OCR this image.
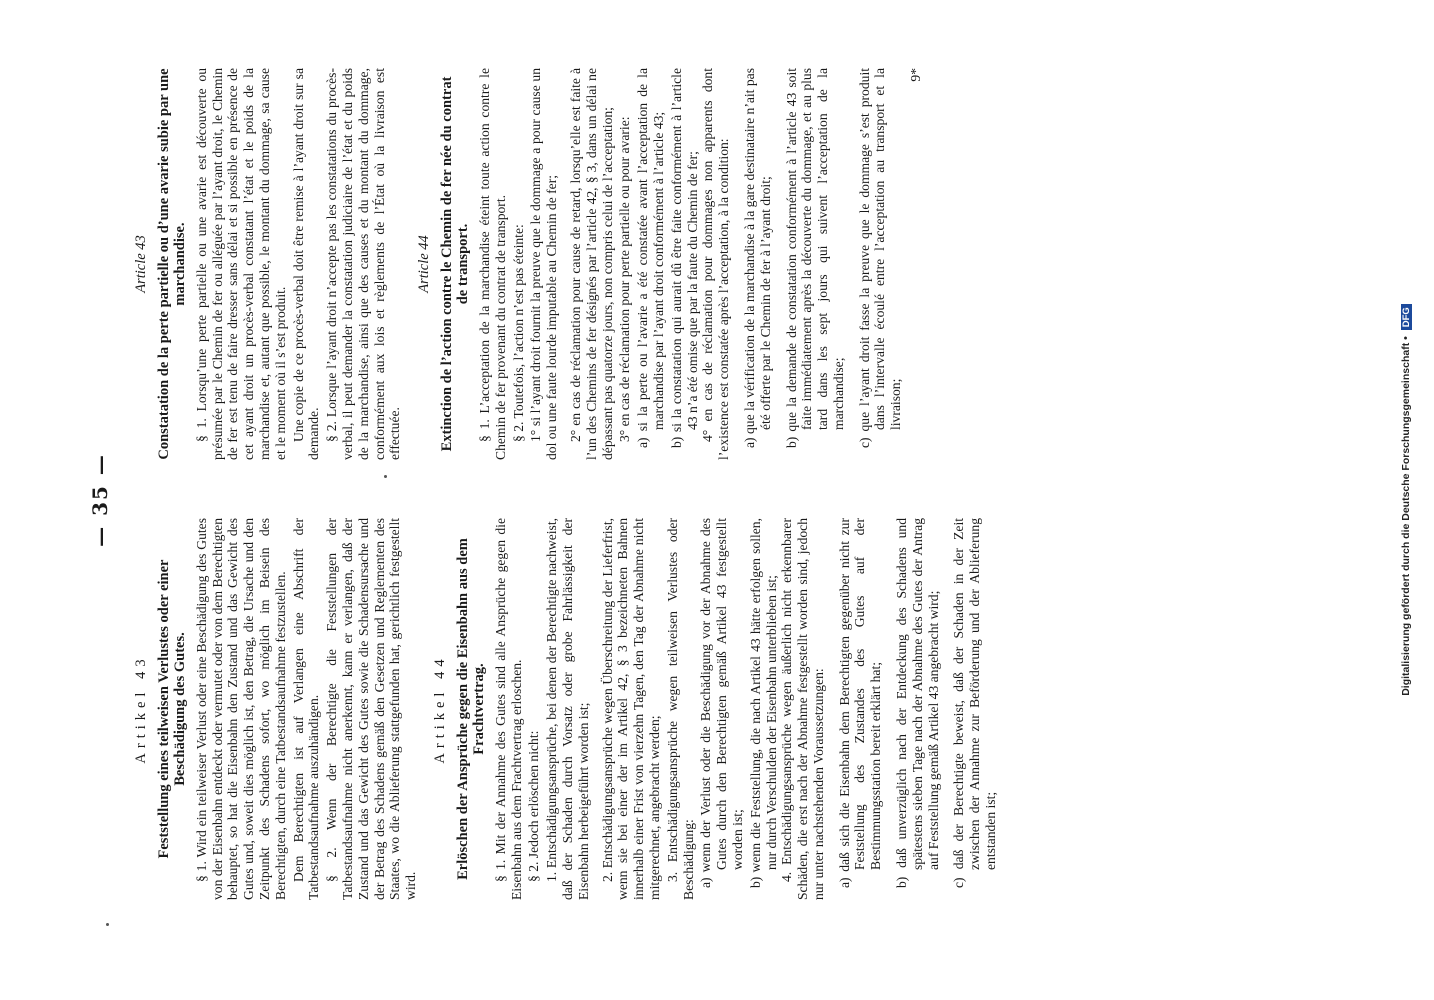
— 35 —
Artikel 43 Feststellung eines teilweisen Verlustes oder einer Beschädigung des Gutes. § 1. Wird ein teilweiser Verlust oder eine Beschädigung des Gutes von der Eisenbahn entdeckt oder vermutet oder von dem Berechtigten behauptet, so hat die Eisenbahn den Zustand und das Gewicht des Gutes und, soweit dies möglich ist, den Betrag, die Ursache und den Zeitpunkt des Schadens sofort, wo möglich im Beisein des Berechtigten, durch eine Tatbestandsaufnahme festzustellen. Dem Berechtigten ist auf Verlangen eine Abschrift der Tatbestandsaufnahme auszuhändigen. § 2. Wenn der Berechtigte die Feststellungen der Tatbestandsaufnahme nicht anerkennt, kann er verlangen, daß der Zustand und das Gewicht des Gutes sowie die Schadensursache und der Betrag des Schadens gemäß den Gesetzen und Reglementen des Staates, wo die Ablieferung stattgefunden hat, gerichtlich festgestellt wird.

Artikel 44 Erlöschen der Ansprüche gegen die Eisenbahn aus dem Frachtvertrag. § 1. Mit der Annahme des Gutes sind alle Ansprüche gegen die Eisenbahn aus dem Frachtvertrag erloschen. § 2. Jedoch erlöschen nicht: 1. Entschädigungsansprüche, bei denen der Berechtigte nachweist, daß der Schaden durch Vorsatz oder grobe Fahrlässigkeit der Eisenbahn herbeigeführt worden ist; 2. Entschädigungsansprüche wegen Überschreitung der Lieferfrist, wenn sie bei einer der im Artikel 42, § 3 bezeichneten Bahnen innerhalb einer Frist von vierzehn Tagen, den Tag der Abnahme nicht mitgerechnet, angebracht werden; 3. Entschädigungsansprüche wegen teilweisen Verlustes oder Beschädigung: a) wenn der Verlust oder die Beschädigung vor der Abnahme des Gutes durch den Berechtigten gemäß Artikel 43 festgestellt worden ist; b) wenn die Feststellung, die nach Artikel 43 hätte erfolgen sollen, nur durch Verschulden der Eisenbahn unterblieben ist; 4. Entschädigungsansprüche wegen äußerlich nicht erkennbarer Schäden, die erst nach der Abnahme festgestellt worden sind, jedoch nur unter nachstehenden Voraussetzungen: a) daß sich die Eisenbahn dem Berechtigten gegenüber nicht zur Feststellung des Zustandes des Gutes auf der Bestimmungsstation bereit erklärt hat; b) daß unverzüglich nach der Entdeckung des Schadens und spätestens sieben Tage nach der Abnahme des Gutes der Antrag auf Feststellung gemäß Artikel 43 angebracht wird; c) daß der Berechtigte beweist, daß der Schaden in der Zeit zwischen der Annahme zur Beförderung und der Ablieferung entstanden ist;

Article 43 Constatation de la perte partielle ou d’une avarie subie par une marchandise. § 1. Lorsqu’une perte partielle ou une avarie est découverte ou présumée par le Chemin de fer ou alléguée par l’ayant droit, le Chemin de fer est tenu de faire dresser sans délai et si possible en présence de cet ayant droit un procès-verbal constatant l’état et le poids de la marchandise et, autant que possible, le montant du dommage, sa cause et le moment où il s’est produit. Une copie de ce procès-verbal doit être remise à l’ayant droit sur sa demande. § 2. Lorsque l’ayant droit n’accepte pas les constatations du procès-verbal, il peut demander la constatation judiciaire de l’état et du poids de la marchandise, ainsi que des causes et du montant du dommage, conformément aux lois et règlements de l’État où la livraison est effectuée.

Article 44 Extinction de l’action contre le Chemin de fer née du contrat de transport. § 1. L’acceptation de la marchandise éteint toute action contre le Chemin de fer provenant du contrat de transport. § 2. Toutefois, l’action n’est pas éteinte: 1° si l’ayant droit fournit la preuve que le dommage a pour cause un dol ou une faute lourde imputable au Chemin de fer; 2° en cas de réclamation pour cause de retard, lorsqu’elle est faite à l’un des Chemins de fer désignés par l’article 42, § 3, dans un délai ne dépassant pas quatorze jours, non compris celui de l’acceptation; 3° en cas de réclamation pour perte partielle ou pour avarie: a) si la perte ou l’avarie a été constatée avant l’acceptation de la marchandise par l’ayant droit conformément à l’article 43; b) si la constatation qui aurait dû être faite conformément à l’article 43 n’a été omise que par la faute du Chemin de fer; 4° en cas de réclamation pour dommages non apparents dont l’existence est constatée après l’acceptation, à la condition: a) que la vérification de la marchandise à la gare destinataire n’ait pas été offerte par le Chemin de fer à l’ayant droit; b) que la demande de constatation conformément à l’article 43 soit faite immédiatement après la découverte du dommage, et au plus tard dans les sept jours qui suivent l’acceptation de la marchandise; c) que l’ayant droit fasse la preuve que le dommage s’est produit dans l’intervalle écoulé entre l’acceptation au transport et la livraison;

9*
Digitalisierung gefördert durch die Deutsche Forschungsgemeinschaft • DFG
